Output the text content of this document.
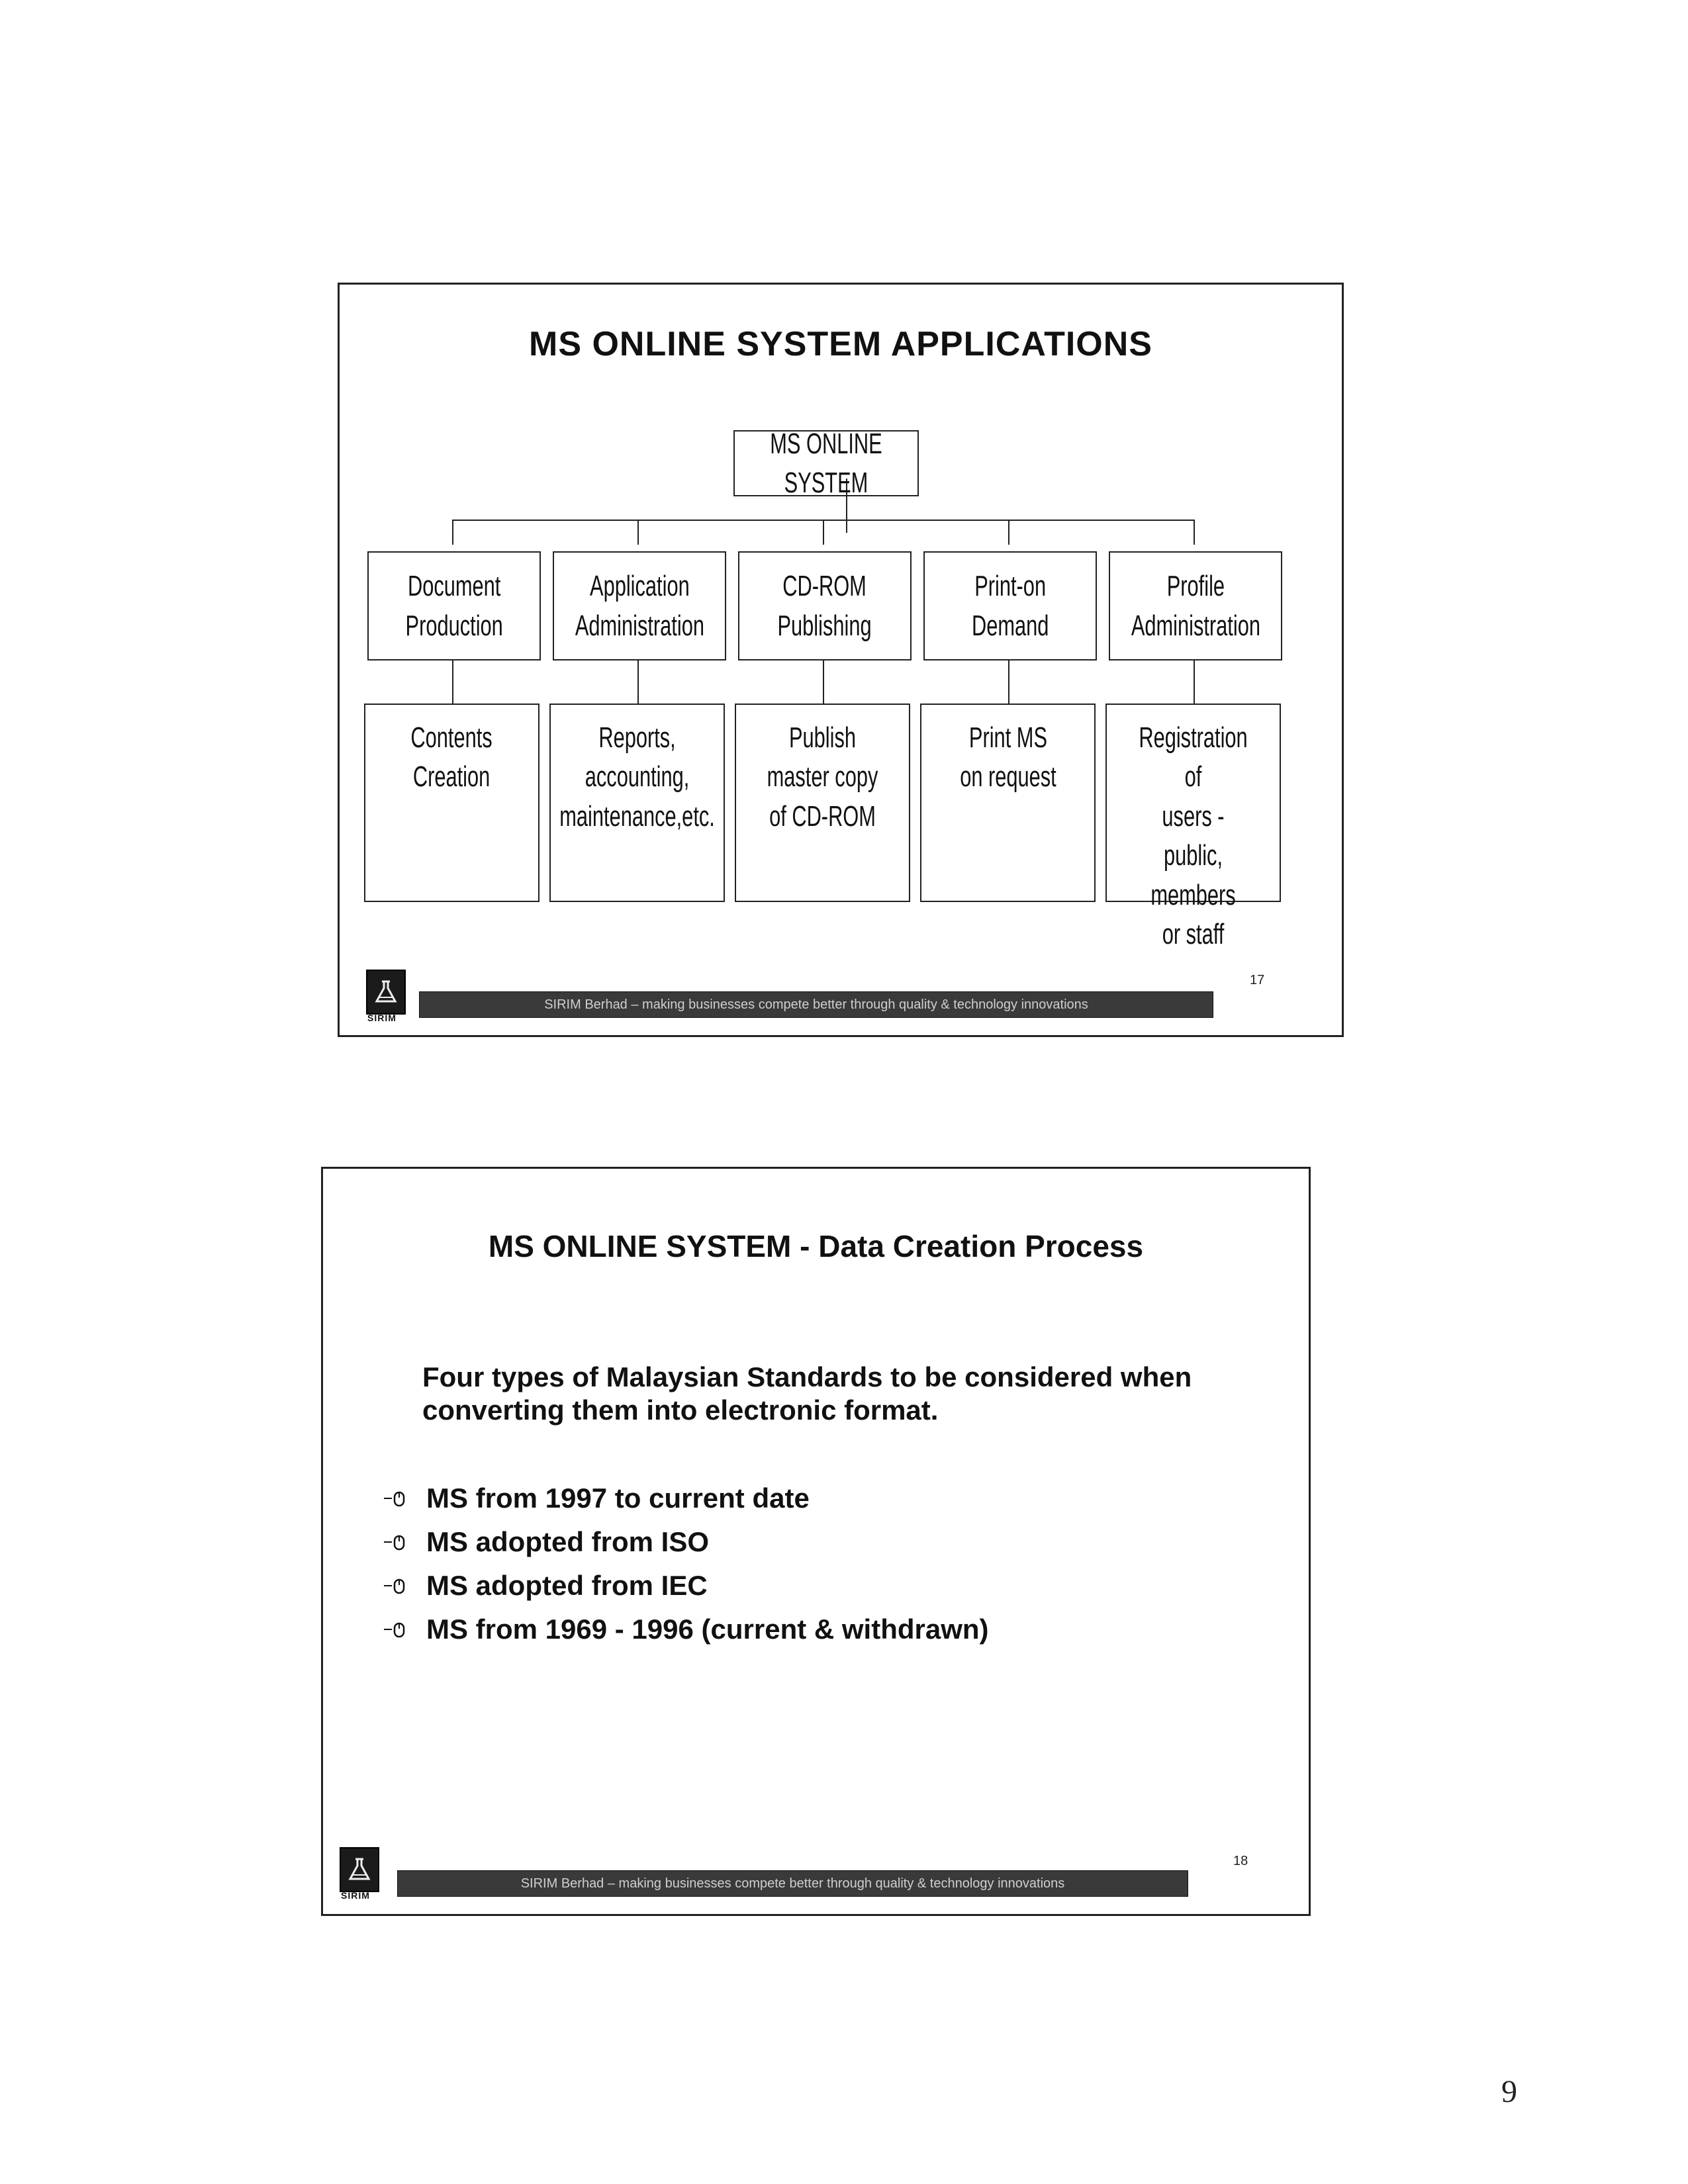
MS ONLINE SYSTEM APPLICATIONS
MS ONLINE SYSTEM
Document
Production
Application
Administration
CD-ROM
Publishing
Print-on
Demand
Profile
Administration
Contents
Creation
Reports, accounting,
maintenance,etc.
Publish master copy
of CD-ROM
Print MS
on request
Registration of
users -
public, members
or staff
SIRIM
SIRIM Berhad – making businesses compete better through quality & technology innovations
17
MS ONLINE SYSTEM - Data Creation Process
Four types of Malaysian Standards to be considered when converting them into electronic format.
MS from 1997 to current date
MS adopted from ISO
MS adopted from IEC
MS from 1969 - 1996 (current & withdrawn)
SIRIM
SIRIM Berhad – making businesses compete better through quality & technology innovations
18
9
